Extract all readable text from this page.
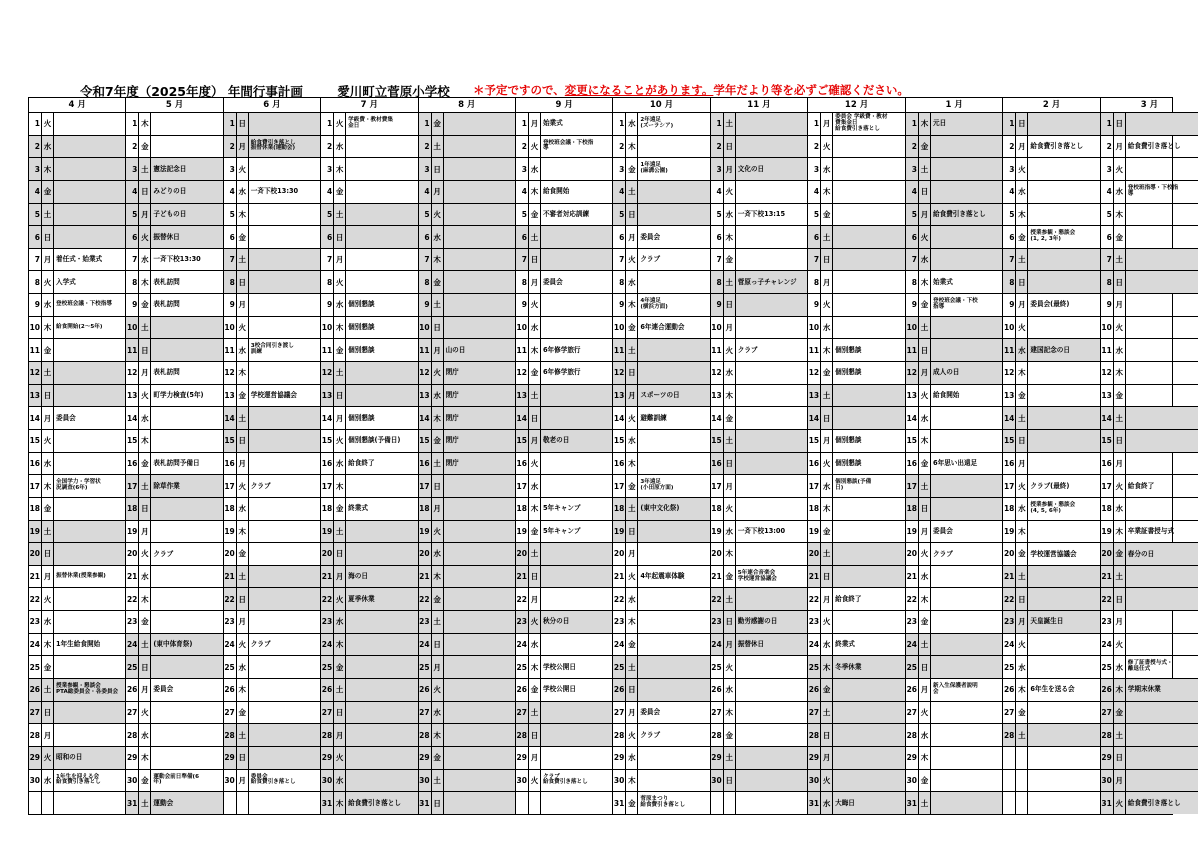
令和7年度（2025年度） 年間行事計画	愛川町立菅原小学校 ＊予定ですので、変更になることがあります。学年だより等を必ずご確認ください。
4 月
1 火
2 水
3 木
4 金
5 土
6 日
7 月 着任式・始業式
8 火 入学式
9 水 登校班会議・下校指導
10 木 給食開始(2～5年)
11 金
12 土
13 日
14 月 委員会
15 火
16 水
17 木 全国学力・学習状
況調査(6年)
18 金
19 土
20 日
21 月 振替休業(授業参観)
22 火
23 水
24 木 1年生給食開始
25 金
26 土 授業参観・懇談会
PTA総委員会・各委員会
27 日
28 月
29 火 昭和の日
30 水 1年生を迎える会
給食費引き落とし
5 月
1 木
2 金
3 土 憲法記念日
4 日 みどりの日
5 月 子どもの日
6 火 振替休日
7 水 一斉下校13:30
8 木 表札訪問
9 金 表札訪問
10 土
11 日
12 月 表札訪問
13 火 町学力検査(5年)
14 水
15 木
16 金 表札訪問予備日
17 土 除草作業
18 日
19 月
20 火 クラブ
21 水
22 木
23 金
24 土 (東中体育祭)
25 日
26 月 委員会
27 火
28 水
29 木
30 金 運動会前日準備(6
年)
31 土 運動会
6 月
1 日
2 月 給食費引き落とし
振替休業(運動会)
3 火
4 水 一斉下校13:30
5 木
6 金
7 土
8 日
9 月
10 火
11 水 3校合同引き渡し
訓練
12 木
13 金 学校運営協議会
14 土
15 日
16 月
17 火 クラブ
18 水
19 木
20 金
21 土
22 日
23 月
24 火 クラブ
25 水
26 木
27 金
28 土
29 日
30 月 委員会
給食費引き落とし
7 月
1 火 学級費・教材費集
金日
2 水
3 木
4 金
5 土
6 日
7 月
8 火
9 水 個別懇談
10 木 個別懇談
11 金 個別懇談
12 土
13 日
14 月 個別懇談
15 火 個別懇談(予備日)
16 水 給食終了
17 木
18 金 終業式
19 土
20 日
21 月 海の日
22 火 夏季休業
23 水
24 木
25 金
26 土
27 日
28 月
29 火
30 水
31 木 給食費引き落とし
8 月
1 金
2 土
3 日
4 月
5 火
6 水
7 木
8 金
9 土
10 日
11 月 山の日
12 火 閉庁
13 水 閉庁
14 木 閉庁
15 金 閉庁
16 土 閉庁
17 日
18 月
19 火
20 水
21 木
22 金
23 土
24 日
25 月
26 火
27 水
28 木
29 金
30 土
31 日
9 月
1 月 始業式
2 火 登校班会議・下校指
導
3 水
4 木 給食開始
5 金 不審者対応訓練
6 土
7 日
8 月 委員会
9 火
10 水
11 木 6年修学旅行
12 金 6年修学旅行
13 土
14 日
15 月 敬老の日
16 火
17 水
18 木 5年キャンプ
19 金 5年キャンプ
20 土
21 日
22 月
23 火 秋分の日
24 水
25 木 学校公開日
26 金 学校公開日
27 土
28 日
29 月
30 火 クラブ
給食費引き落とし
10 月
1 水 2年遠足
(ズーラシア)
2 木
3 金 1年遠足
(麻溝公園)
4 土
5 日
6 月 委員会
7 火 クラブ
8 水
9 木 4年遠足
(横浜方面)
10 金 6年連合運動会
11 土
12 日
13 月 スポーツの日
14 火 避難訓練
15 水
16 木
17 金 3年遠足
(小田原方面)
18 土 (東中文化祭)
19 日
20 月
21 火 4年起震車体験
22 水
23 木
24 金
25 土
26 日
27 月 委員会
28 火 クラブ
29 水
30 木
31 金 菅原まつり
給食費引き落とし
11 月
1 土
2 日
3 月 文化の日
4 火
5 水 一斉下校13:15
6 木
7 金
8 土 菅原っ子チャレンジ
9 日
10 月
11 火 クラブ
12 水
13 木
14 金
15 土
16 日
17 月
18 火
19 水 一斉下校13:00
20 木
21 金 5年連合音楽会
学校運営協議会
22 土
23 日 勤労感謝の日
24 月 振替休日
25 火
26 水
27 木
28 金
29 土
30 日
12 月
1 月
委員会 学級費・教材
費集金日
給食費引き落とし
2 火
3 水
4 木
5 金
6 土
7 日
8 月
9 火
10 水
11 木 個別懇談
12 金 個別懇談
13 土
14 日
15 月 個別懇談
16 火 個別懇談
17 水 個別懇談(予備
日)
18 木
19 金
20 土
21 日
22 月 給食終了
23 火
24 水 終業式
25 木 冬季休業
26 金
27 土
28 日
29 月
30 火
31 水 大晦日
1 月
1 木 元日
2 金
3 土
4 日
5 月 給食費引き落とし
6 火
7 水
8 木 始業式
9 金 登校班会議・下校
指導
10 土
11 日
12 月 成人の日
13 火 給食開始
14 水
15 木
16 金 6年思い出遠足
17 土
18 日
19 月 委員会
20 火 クラブ
21 水
22 木
23 金
24 土
25 日
26 月 新入生保護者説明
会
27 火
28 水
29 木
30 金
31 土
2 月
1 日
2 月 給食費引き落とし
3 火
4 水
5 木
6 金 授業参観・懇談会
(1, 2, 3年)
7 土
8 日
9 月 委員会(最終)
10 火
11 水 建国記念の日
12 木
13 金
14 土
15 日
16 月
17 火 クラブ(最終)
18 水 授業参観・懇談会
(4, 5, 6年)
19 木
20 金 学校運営協議会
21 土
22 日
23 月 天皇誕生日
24 火
25 水
26 木 6年生を送る会
27 金
28 土
3 月
1 日
2 月 給食費引き落とし
3 火
4 水 登校班指導・下校指
導
5 木
6 金
7 土
8 日
9 月
10 火
11 水
12 木
13 金
14 土
15 日
16 月
17 火 給食終了
18 水
19 木 卒業証書授与式
20 金 春分の日
21 土
22 日
23 月
24 火
25 水 修了証書授与式・
離退任式
26 木 学期末休業
27 金
28 土
29 日
30 月
31 火 給食費引き落とし
